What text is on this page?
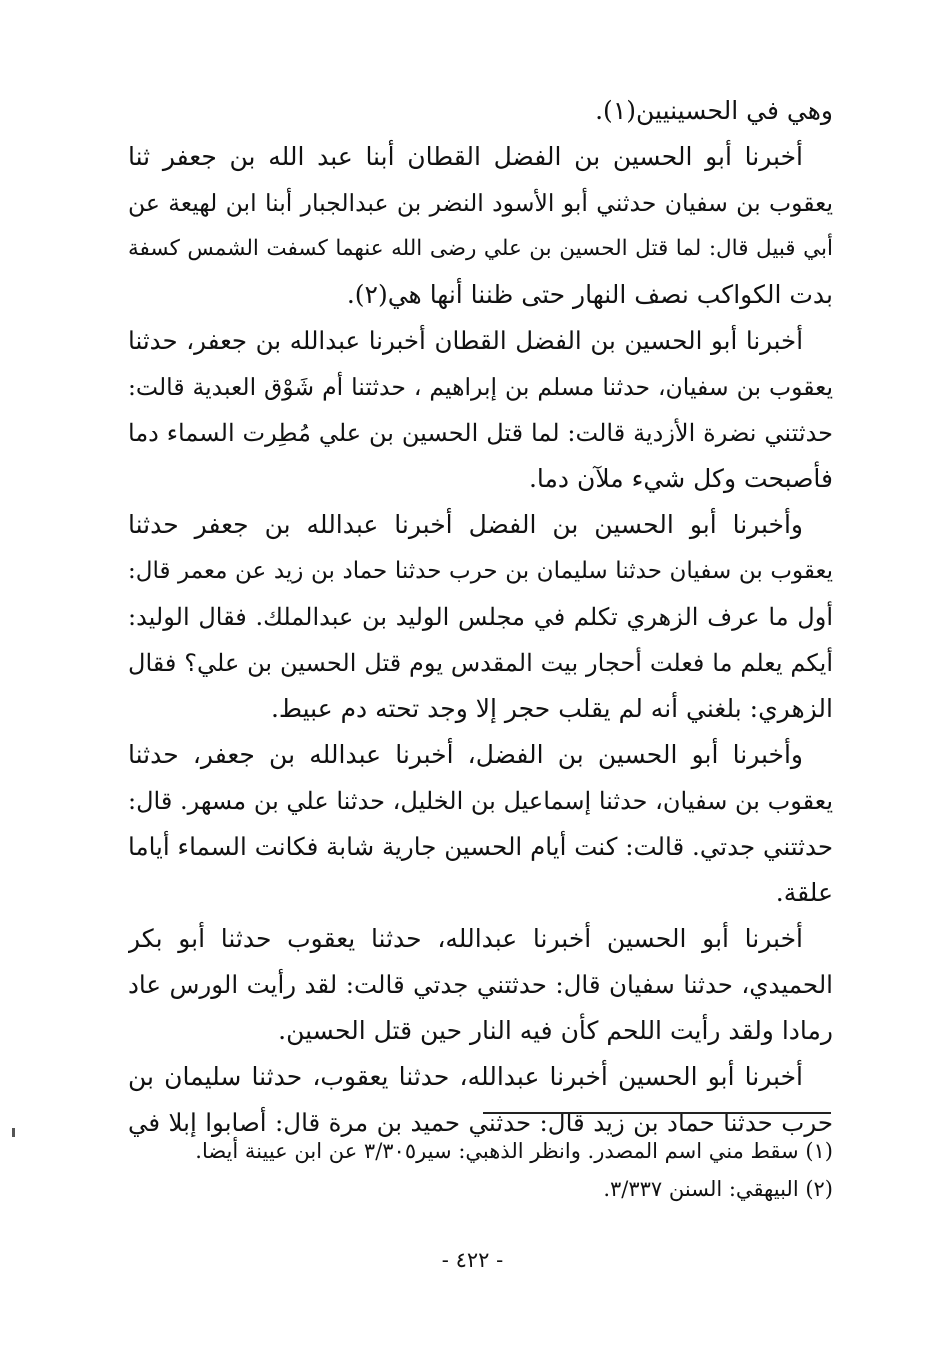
وهي في الحسينيين(١).
أخبرنا أبو الحسين بن الفضل القطان أبنا عبد الله بن جعفر ثنا
يعقوب بن سفيان حدثني أبو الأسود النضر بن عبدالجبار أبنا ابن لهيعة عن
أبي قبيل قال: لما قتل الحسين بن علي رضى الله عنهما كسفت الشمس كسفة
بدت الكواكب نصف النهار حتى ظننا أنها هي(٢).
أخبرنا أبو الحسين بن الفضل القطان أخبرنا عبدالله بن جعفر، حدثنا
يعقوب بن سفيان، حدثنا مسلم بن إبراهيم ، حدثتنا أم شَوْق العبدية قالت:
حدثتني نضرة الأزدية قالت: لما قتل الحسين بن علي مُطِرت السماء دما
فأصبحت وكل شيء ملآن دما.
وأخبرنا أبو الحسين بن الفضل أخبرنا عبدالله بن جعفر حدثنا
يعقوب بن سفيان حدثنا سليمان بن حرب حدثنا حماد بن زيد عن معمر قال:
أول ما عرف الزهري تكلم في مجلس الوليد بن عبدالملك. فقال الوليد:
أيكم يعلم ما فعلت أحجار بيت المقدس يوم قتل الحسين بن علي؟ فقال
الزهري: بلغني أنه لم يقلب حجر إلا وجد تحته دم عبيط.
وأخبرنا أبو الحسين بن الفضل، أخبرنا عبدالله بن جعفر، حدثنا
يعقوب بن سفيان، حدثنا إسماعيل بن الخليل، حدثنا علي بن مسهر. قال:
حدثتني جدتي. قالت: كنت أيام الحسين جارية شابة فكانت السماء أياما
علقة.
أخبرنا أبو الحسين أخبرنا عبدالله، حدثنا يعقوب حدثنا أبو بكر
الحميدي، حدثنا سفيان قال: حدثتني جدتي قالت: لقد رأيت الورس عاد
رمادا ولقد رأيت اللحم كأن فيه النار حين قتل الحسين.
أخبرنا أبو الحسين أخبرنا عبدالله، حدثنا يعقوب، حدثنا سليمان بن
حرب حدثنا حماد بن زيد قال: حدثني حميد بن مرة قال: أصابوا إبلا في
(١) سقط مني اسم المصدر. وانظر الذهبي: سير٣/٣٠٥ عن ابن عيينة أيضا.
(٢) البيهقي: السنن ٣/٣٣٧.
- ٤٢٢ -
